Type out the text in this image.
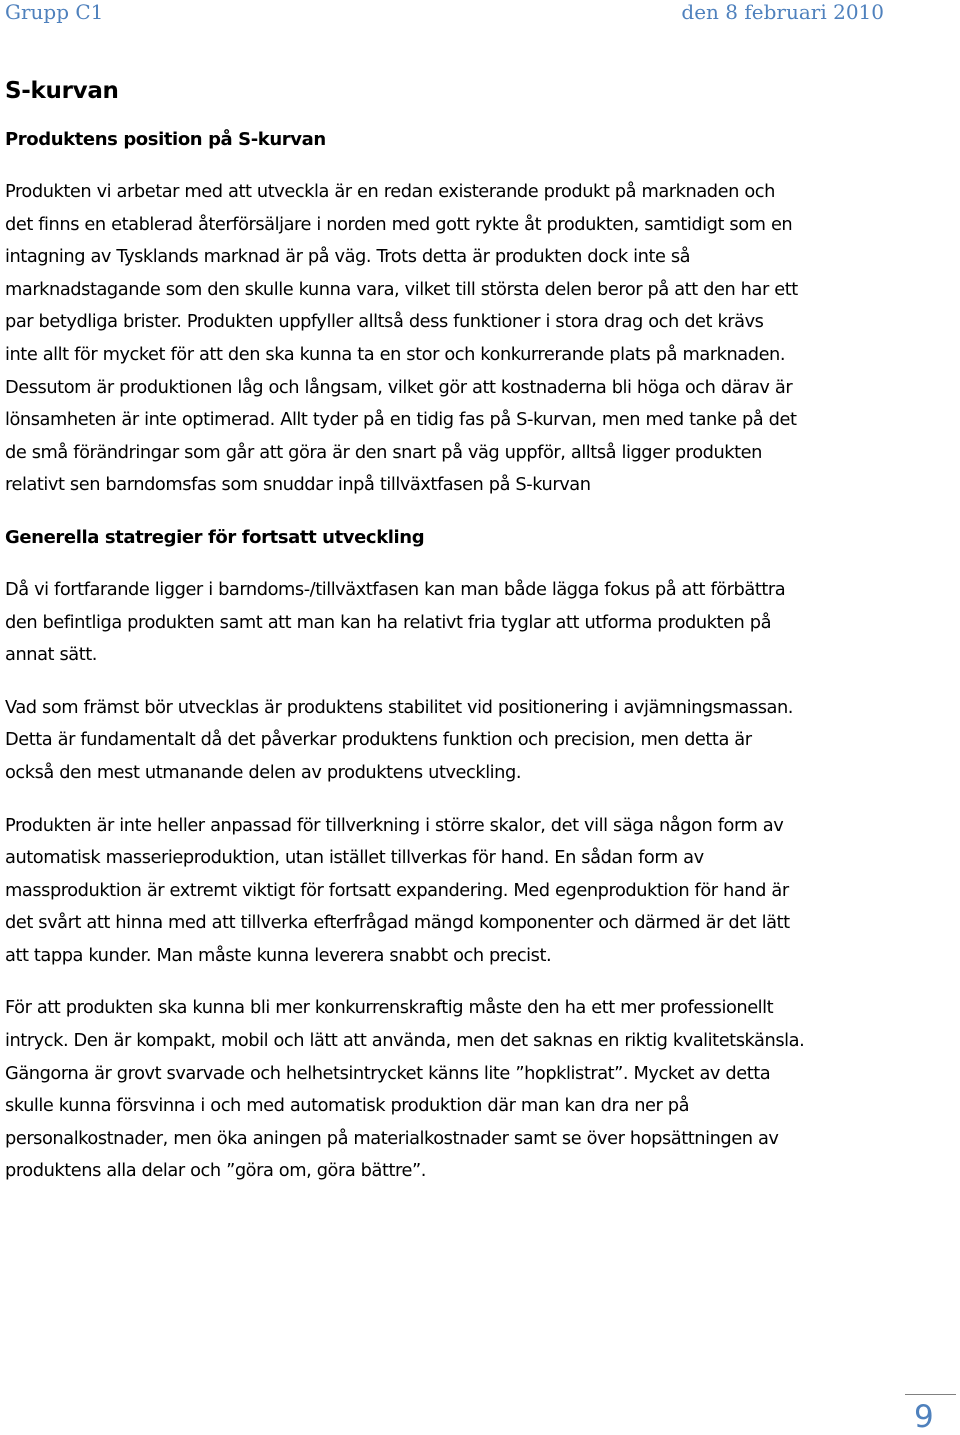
Grupp C1	den 8 februari 2010
S-kurvan
Produktens position på S-kurvan
Produkten vi arbetar med att utveckla är en redan existerande produkt på marknaden och
det finns en etablerad återförsäljare i norden med gott rykte åt produkten, samtidigt som en
intagning av Tysklands marknad är på väg. Trots detta är produkten dock inte så
marknadstagande som den skulle kunna vara, vilket till största delen beror på att den har ett
par betydliga brister. Produkten uppfyller alltså dess funktioner i stora drag och det krävs
inte allt för mycket för att den ska kunna ta en stor och konkurrerande plats på marknaden.
Dessutom är produktionen låg och långsam, vilket gör att kostnaderna bli höga och därav är
lönsamheten är inte optimerad. Allt tyder på en tidig fas på S-kurvan, men med tanke på det
de små förändringar som går att göra är den snart på väg uppför, alltså ligger produkten
relativt sen barndomsfas som snuddar inpå tillväxtfasen på S-kurvan
Generella statregier för fortsatt utveckling
Då vi fortfarande ligger i barndoms-/tillväxtfasen kan man både lägga fokus på att förbättra
den befintliga produkten samt att man kan ha relativt fria tyglar att utforma produkten på
annat sätt.
Vad som främst bör utvecklas är produktens stabilitet vid positionering i avjämningsmassan.
Detta är fundamentalt då det påverkar produktens funktion och precision, men detta är
också den mest utmanande delen av produktens utveckling.
Produkten är inte heller anpassad för tillverkning i större skalor, det vill säga någon form av
automatisk masserieproduktion, utan istället tillverkas för hand. En sådan form av
massproduktion är extremt viktigt för fortsatt expandering. Med egenproduktion för hand är
det svårt att hinna med att tillverka efterfrågad mängd komponenter och därmed är det lätt
att tappa kunder. Man måste kunna leverera snabbt och precist.
För att produkten ska kunna bli mer konkurrenskraftig måste den ha ett mer professionellt
intryck. Den är kompakt, mobil och lätt att använda, men det saknas en riktig kvalitetskänsla.
Gängorna är grovt svarvade och helhetsintrycket känns lite ”hopklistrat”. Mycket av detta
skulle kunna försvinna i och med automatisk produktion där man kan dra ner på
personalkostnader, men öka aningen på materialkostnader samt se över hopsättningen av
produktens alla delar och ”göra om, göra bättre”.
9
